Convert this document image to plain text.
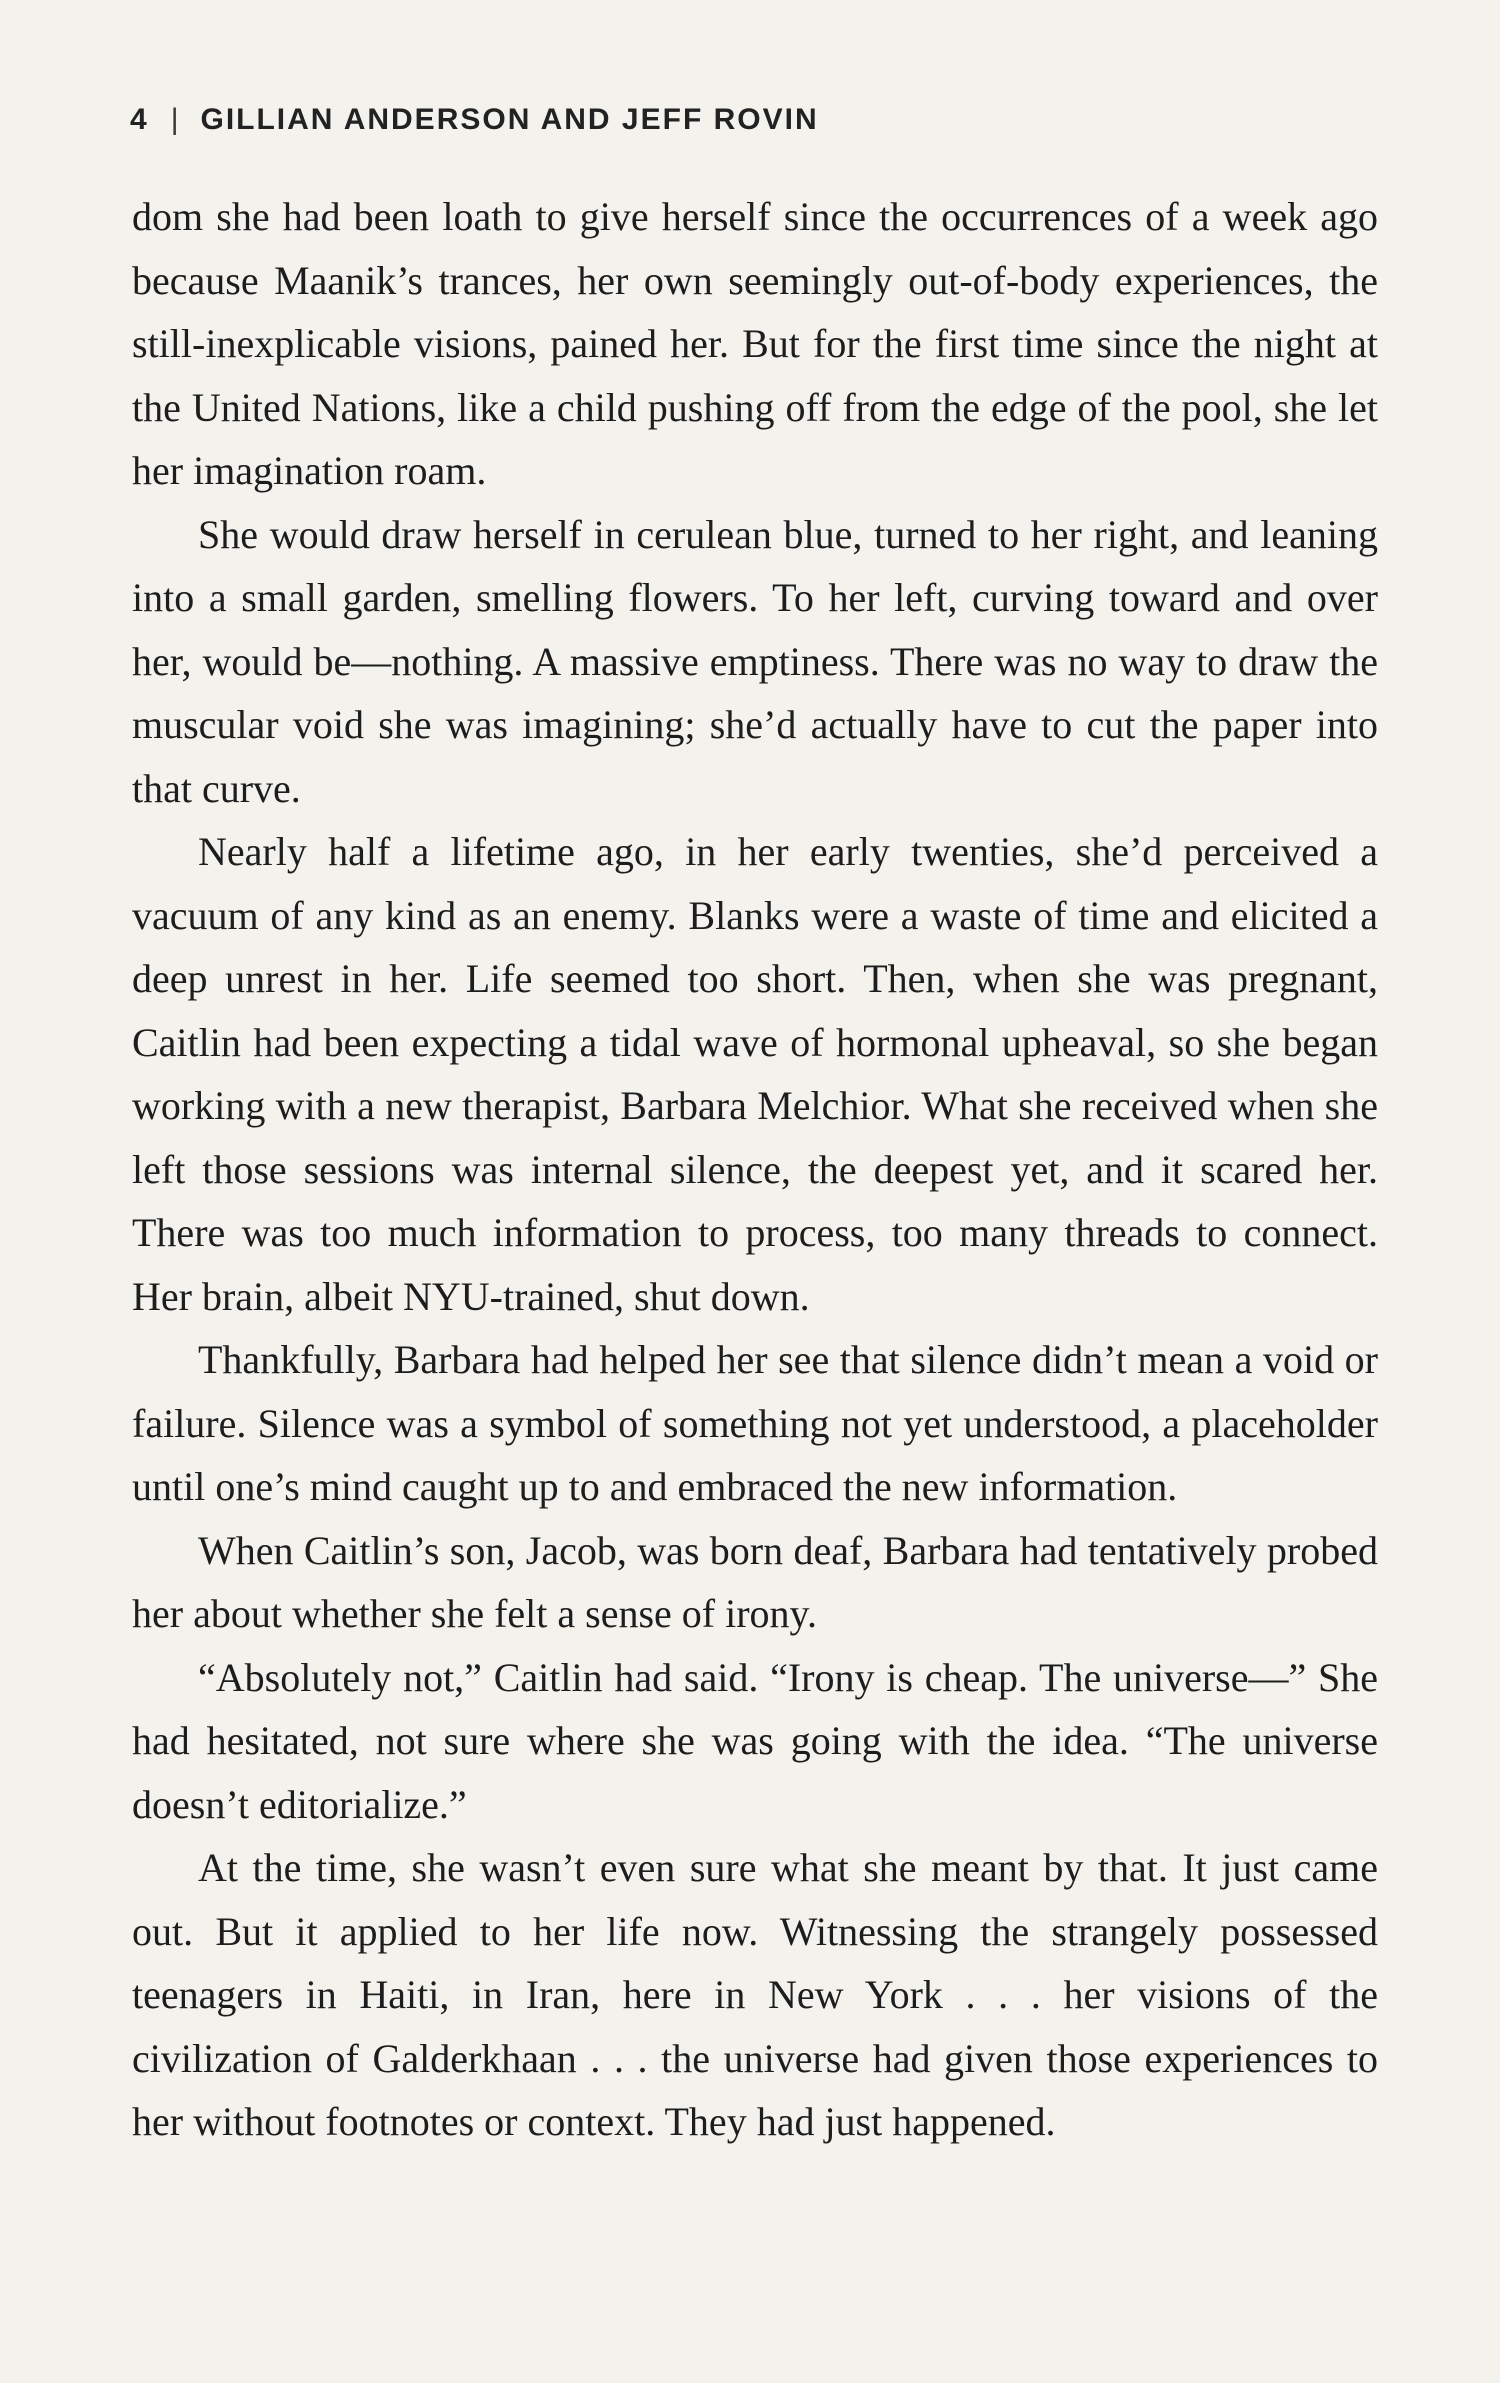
4 | GILLIAN ANDERSON AND JEFF ROVIN

dom she had been loath to give herself since the occurrences of a week ago because Maanik’s trances, her own seemingly out-of-body experiences, the still-inexplicable visions, pained her. But for the first time since the night at the United Nations, like a child pushing off from the edge of the pool, she let her imagination roam.

She would draw herself in cerulean blue, turned to her right, and leaning into a small garden, smelling flowers. To her left, curving toward and over her, would be—nothing. A massive emptiness. There was no way to draw the muscular void she was imagining; she’d actually have to cut the paper into that curve.

Nearly half a lifetime ago, in her early twenties, she’d perceived a vacuum of any kind as an enemy. Blanks were a waste of time and elicited a deep unrest in her. Life seemed too short. Then, when she was pregnant, Caitlin had been expecting a tidal wave of hormonal upheaval, so she began working with a new therapist, Barbara Melchior. What she received when she left those sessions was internal silence, the deepest yet, and it scared her. There was too much information to process, too many threads to connect. Her brain, albeit NYU-trained, shut down.

Thankfully, Barbara had helped her see that silence didn’t mean a void or failure. Silence was a symbol of something not yet understood, a placeholder until one’s mind caught up to and embraced the new information.

When Caitlin’s son, Jacob, was born deaf, Barbara had tentatively probed her about whether she felt a sense of irony.

“Absolutely not,” Caitlin had said. “Irony is cheap. The universe—” She had hesitated, not sure where she was going with the idea. “The universe doesn’t editorialize.”

At the time, she wasn’t even sure what she meant by that. It just came out. But it applied to her life now. Witnessing the strangely possessed teenagers in Haiti, in Iran, here in New York . . . her visions of the civilization of Galderkhaan . . . the universe had given those experiences to her without footnotes or context. They had just happened.
